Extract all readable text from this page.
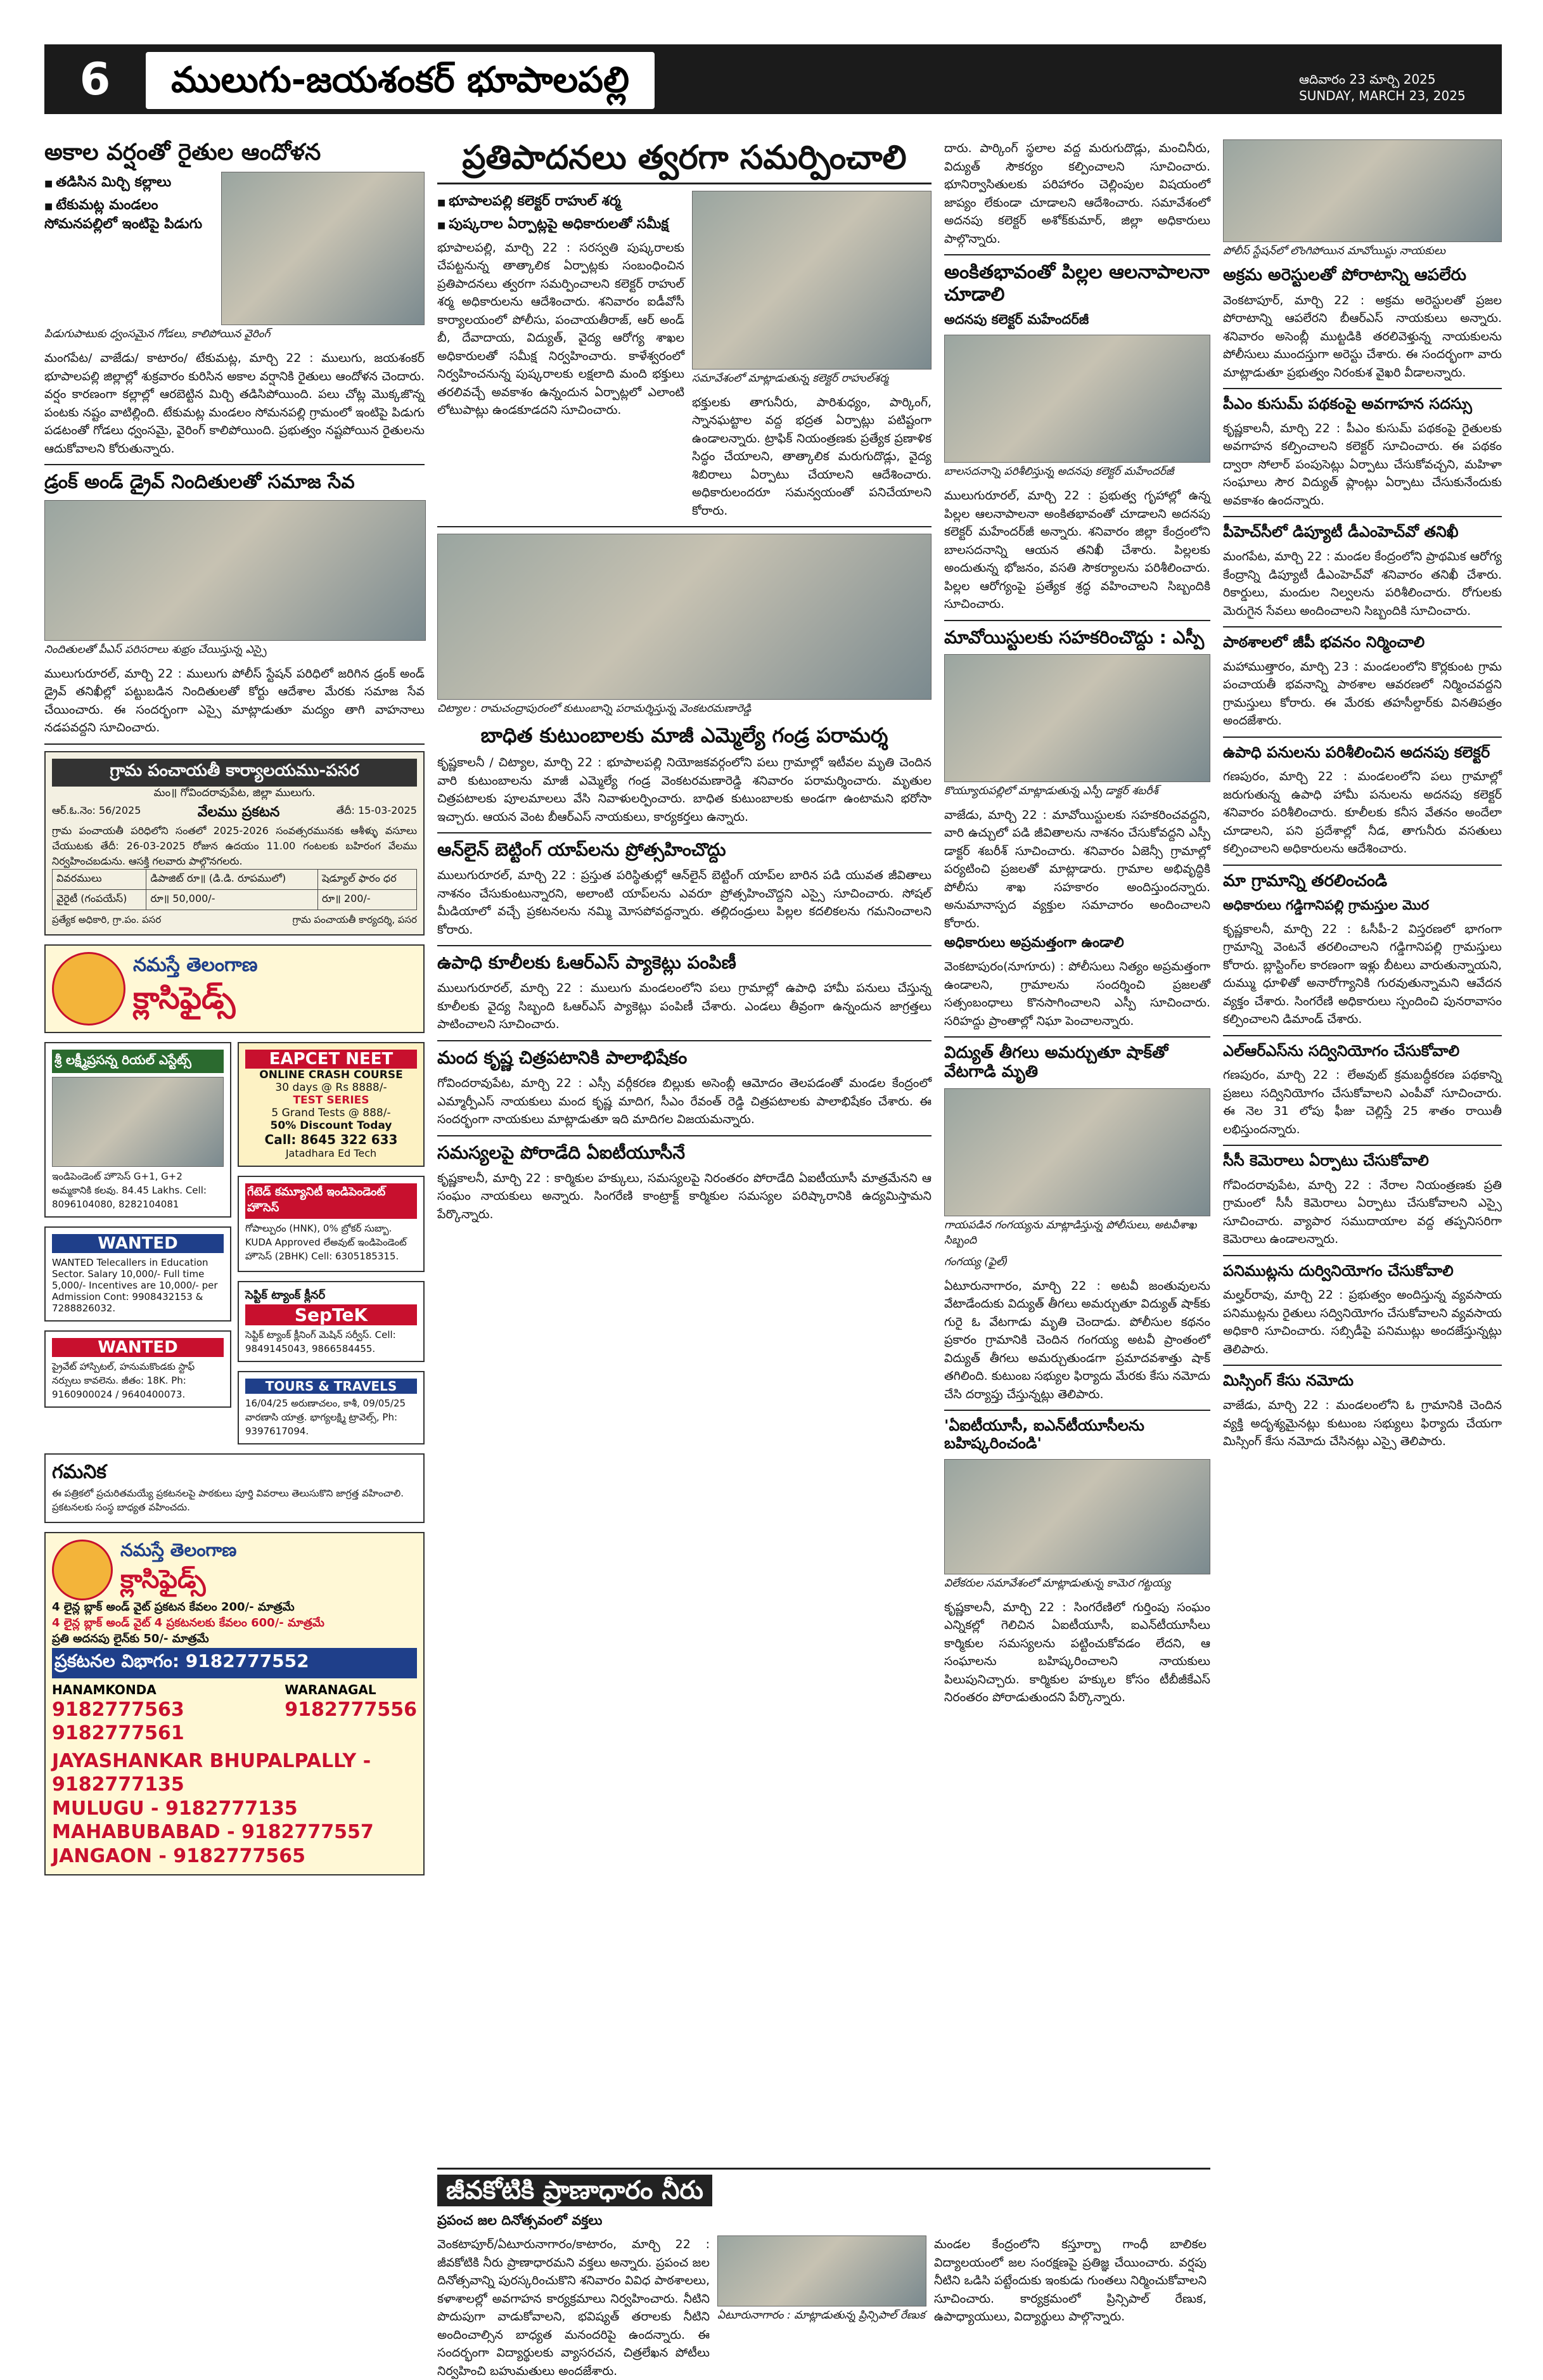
6	ములుగు-జయశంకర్ భూపాలపల్లి	ఆదివారం 23 మార్చి 2025
SUNDAY, MARCH 23, 2025
అకాల వర్షంతో రైతుల ఆందోళన
■ తడిసిన మిర్చి కల్లాలు
■ టేకుమట్ల మండలం సోమనపల్లిలో ఇంటిపై పిడుగు
పిడుగుపాటుకు ధ్వంసమైన గోడలు, కాలిపోయిన వైరింగ్
మంగపేట/ వాజేడు/ కాటారం/ టేకుమట్ల, మార్చి 22 : ములుగు, జయశంకర్ భూపాలపల్లి జిల్లాల్లో శుక్రవారం కురిసిన అకాల వర్షానికి రైతులు ఆందోళన చెందారు. వర్షం కారణంగా కల్లాల్లో ఆరబెట్టిన మిర్చి తడిసిపోయింది. పలు చోట్ల మొక్కజొన్న పంటకు నష్టం వాటిల్లింది. టేకుమట్ల మండలం సోమనపల్లి గ్రామంలో ఇంటిపై పిడుగు పడటంతో గోడలు ధ్వంసమై, వైరింగ్ కాలిపోయింది. ప్రభుత్వం నష్టపోయిన రైతులను ఆదుకోవాలని కోరుతున్నారు.
డ్రంక్ అండ్ డ్రైవ్ నిందితులతో సమాజ సేవ
నిందితులతో పీఎస్ పరిసరాలు శుభ్రం చేయిస్తున్న ఎస్సై
ములుగురూరల్, మార్చి 22 : ములుగు పోలీస్ స్టేషన్ పరిధిలో జరిగిన డ్రంక్ అండ్ డ్రైవ్ తనిఖీల్లో పట్టుబడిన నిందితులతో కోర్టు ఆదేశాల మేరకు సమాజ సేవ చేయించారు. ఈ సందర్భంగా ఎస్సై మాట్లాడుతూ మద్యం తాగి వాహనాలు నడపవద్దని సూచించారు.
గ్రామ పంచాయతీ కార్యాలయము-పసర
మం॥ గోవిందరావుపేట, జిల్లా ములుగు.
ఆర్.ఓ.నెం: 56/2025	వేలము ప్రకటన	తేదీ: 15-03-2025
గ్రామ పంచాయతీ పరిధిలోని సంతలో 2025-2026 సంవత్సరమునకు ఆశీళ్ళు వసూలు చేయుటకు తేదీ: 26-03-2025 రోజున ఉదయం 11.00 గంటలకు బహిరంగ వేలము నిర్వహించబడును. ఆసక్తి గలవారు పాల్గొనగలరు.
వివరములు	డిపాజిట్ రూ॥ (డి.డి. రూపములో)	షెడ్యూల్ ఫారం ధర
వైరైటీ (గంపయేస్)	రూ॥ 50,000/-	రూ॥ 200/-
ప్రత్యేక అధికారి, గ్రా.పం. పసర	గ్రామ పంచాయతీ కార్యదర్శి, పసర
నమస్తే తెలంగాణ
క్లాసిఫైడ్స్
శ్రీ లక్ష్మీప్రసన్న రియల్ ఎస్టేట్స్
ఇండిపెండెంట్ హౌసెస్ G+1, G+2 అమ్మకానికి కలవు. 84.45 Lakhs. Cell: 8096104080, 8282104081
WANTED
WANTED Telecallers in Education Sector. Salary 10,000/- Full time 5,000/- Incentives are 10,000/- per Admission Cont: 9908432153 & 7288826032.
WANTED
ప్రైవేట్ హాస్పిటల్, హనుమకొండకు స్టాఫ్ నర్సులు కావలెను. జీతం: 18K. Ph: 9160900024 / 9640400073.
EAPCET NEET
ONLINE CRASH COURSE
30 days @ Rs 8888/-
TEST SERIES
5 Grand Tests @ 888/-
50% Discount Today
Call: 8645 322 633
Jatadhara Ed Tech
గేటెడ్ కమ్యూనిటీ ఇండిపెండెంట్ హౌసెస్
గోపాల్పురం (HNK), 0% బ్రోకర్ సుబ్బా. KUDA Approved లేఅవుట్ ఇండిపెండెంట్ హౌసెస్ (2BHK) Cell: 6305185315.
సెప్టిక్ ట్యాంక్ క్లీనర్
SepTeK
సెప్టిక్ ట్యాంక్ క్లీనింగ్ మెషిన్ సర్వీస్. Cell: 9849145043, 9866584455.
TOURS & TRAVELS
16/04/25 అరుణాచలం, కాశీ, 09/05/25 వారణాసి యాత్ర. భాగ్యలక్ష్మి ట్రావెల్స్, Ph: 9397617094.
గమనిక
ఈ పత్రికలో ప్రచురితమయ్యే ప్రకటనలపై పాఠకులు పూర్తి వివరాలు తెలుసుకొని జాగ్రత్త వహించాలి. ప్రకటనలకు సంస్థ బాధ్యత వహించదు.
నమస్తే తెలంగాణ
క్లాసిఫైడ్స్
4 లైన్ల బ్లాక్ అండ్ వైట్ ప్రకటన కేవలం 200/- మాత్రమే
4 లైన్ల బ్లాక్ అండ్ వైట్ 4 ప్రకటనలకు కేవలం 600/- మాత్రమే
ప్రతి అదనపు లైన్‌కు 50/- మాత్రమే
ప్రకటనల విభాగం: 9182777552
HANAMKONDA
9182777563
9182777561
WARANAGAL
9182777556
JAYASHANKAR BHUPALPALLY - 9182777135
MULUGU - 9182777135
MAHABUBABAD - 9182777557
JANGAON - 9182777565
ప్రతిపాదనలు త్వరగా సమర్పించాలి
■ భూపాలపల్లి కలెక్టర్ రాహుల్ శర్మ
■ పుష్కరాల ఏర్పాట్లపై అధికారులతో సమీక్ష
భూపాలపల్లి, మార్చి 22 : సరస్వతి పుష్కరాలకు చేపట్టనున్న తాత్కాలిక ఏర్పాట్లకు సంబంధించిన ప్రతిపాదనలు త్వరగా సమర్పించాలని కలెక్టర్ రాహుల్ శర్మ అధికారులను ఆదేశించారు. శనివారం ఐడీవోసీ కార్యాలయంలో పోలీసు, పంచాయతీరాజ్, ఆర్ అండ్ బీ, దేవాదాయ, విద్యుత్, వైద్య ఆరోగ్య శాఖల అధికారులతో సమీక్ష నిర్వహించారు. కాళేశ్వరంలో నిర్వహించనున్న పుష్కరాలకు లక్షలాది మంది భక్తులు తరలివచ్చే అవకాశం ఉన్నందున ఏర్పాట్లలో ఎలాంటి లోటుపాట్లు ఉండకూడదని సూచించారు.
సమావేశంలో మాట్లాడుతున్న కలెక్టర్ రాహుల్‌శర్మ
భక్తులకు తాగునీరు, పారిశుధ్యం, పార్కింగ్, స్నానఘట్టాల వద్ద భద్రత ఏర్పాట్లు పటిష్టంగా ఉండాలన్నారు. ట్రాఫిక్ నియంత్రణకు ప్రత్యేక ప్రణాళిక సిద్ధం చేయాలని, తాత్కాలిక మరుగుదొడ్లు, వైద్య శిబిరాలు ఏర్పాటు చేయాలని ఆదేశించారు. అధికారులందరూ సమన్వయంతో పనిచేయాలని కోరారు.
చిట్యాల : రామచంద్రాపురంలో కుటుంబాన్ని పరామర్శిస్తున్న వెంకటరమణారెడ్డి
బాధిత కుటుంబాలకు మాజీ ఎమ్మెల్యే గండ్ర పరామర్శ
కృష్ణకాలనీ / చిట్యాల, మార్చి 22 : భూపాలపల్లి నియోజకవర్గంలోని పలు గ్రామాల్లో ఇటీవల మృతి చెందిన వారి కుటుంబాలను మాజీ ఎమ్మెల్యే గండ్ర వెంకటరమణారెడ్డి శనివారం పరామర్శించారు. మృతుల చిత్రపటాలకు పూలమాలలు వేసి నివాళులర్పించారు. బాధిత కుటుంబాలకు అండగా ఉంటామని భరోసా ఇచ్చారు. ఆయన వెంట బీఆర్ఎస్ నాయకులు, కార్యకర్తలు ఉన్నారు.
ఆన్‌లైన్ బెట్టింగ్ యాప్‌లను ప్రోత్సహించొద్దు
ములుగురూరల్, మార్చి 22 : ప్రస్తుత పరిస్థితుల్లో ఆన్‌లైన్ బెట్టింగ్ యాప్‌ల బారిన పడి యువత జీవితాలు నాశనం చేసుకుంటున్నారని, అలాంటి యాప్‌లను ఎవరూ ప్రోత్సహించొద్దని ఎస్సై సూచించారు. సోషల్ మీడియాలో వచ్చే ప్రకటనలను నమ్మి మోసపోవద్దన్నారు. తల్లిదండ్రులు పిల్లల కదలికలను గమనించాలని కోరారు.
ఉపాధి కూలీలకు ఓఆర్ఎస్ ప్యాకెట్లు పంపిణీ
ములుగురూరల్, మార్చి 22 : ములుగు మండలంలోని పలు గ్రామాల్లో ఉపాధి హామీ పనులు చేస్తున్న కూలీలకు వైద్య సిబ్బంది ఓఆర్ఎస్ ప్యాకెట్లు పంపిణీ చేశారు. ఎండలు తీవ్రంగా ఉన్నందున జాగ్రత్తలు పాటించాలని సూచించారు.
మంద కృష్ణ చిత్రపటానికి పాలాభిషేకం
గోవిందరావుపేట, మార్చి 22 : ఎస్సీ వర్గీకరణ బిల్లుకు అసెంబ్లీ ఆమోదం తెలపడంతో మండల కేంద్రంలో ఎమ్మార్పీఎస్ నాయకులు మంద కృష్ణ మాదిగ, సీఎం రేవంత్ రెడ్డి చిత్రపటాలకు పాలాభిషేకం చేశారు. ఈ సందర్భంగా నాయకులు మాట్లాడుతూ ఇది మాదిగల విజయమన్నారు.
సమస్యలపై పోరాడేది ఏఐటీయూసీనే
కృష్ణకాలనీ, మార్చి 22 : కార్మికుల హక్కులు, సమస్యలపై నిరంతరం పోరాడేది ఏఐటీయూసీ మాత్రమేనని ఆ సంఘం నాయకులు అన్నారు. సింగరేణి కాంట్రాక్ట్ కార్మికుల సమస్యల పరిష్కారానికి ఉద్యమిస్తామని పేర్కొన్నారు.
దారు. పార్కింగ్ స్థలాల వద్ద మరుగుదొడ్లు, మంచినీరు, విద్యుత్ సౌకర్యం కల్పించాలని సూచించారు. భూనిర్వాసితులకు పరిహారం చెల్లింపుల విషయంలో జాప్యం లేకుండా చూడాలని ఆదేశించారు. సమావేశంలో అదనపు కలెక్టర్ అశోక్‌కుమార్, జిల్లా అధికారులు పాల్గొన్నారు.
అంకితభావంతో పిల్లల ఆలనాపాలనా చూడాలి
అదనపు కలెక్టర్ మహేందర్‌జీ
బాలసదనాన్ని పరిశీలిస్తున్న అదనపు కలెక్టర్ మహేందర్‌జీ
ములుగురూరల్, మార్చి 22 : ప్రభుత్వ గృహాల్లో ఉన్న పిల్లల ఆలనాపాలనా అంకితభావంతో చూడాలని అదనపు కలెక్టర్ మహేందర్‌జీ అన్నారు. శనివారం జిల్లా కేంద్రంలోని బాలసదనాన్ని ఆయన తనిఖీ చేశారు. పిల్లలకు అందుతున్న భోజనం, వసతి సౌకర్యాలను పరిశీలించారు. పిల్లల ఆరోగ్యంపై ప్రత్యేక శ్రద్ధ వహించాలని సిబ్బందికి సూచించారు.
మావోయిస్టులకు సహకరించొద్దు : ఎస్పీ
కొయ్యూరుపల్లిలో మాట్లాడుతున్న ఎస్పీ డాక్టర్ శబరీశ్
వాజేడు, మార్చి 22 : మావోయిస్టులకు సహకరించవద్దని, వారి ఉచ్చులో పడి జీవితాలను నాశనం చేసుకోవద్దని ఎస్పీ డాక్టర్ శబరీశ్ సూచించారు. శనివారం ఏజెన్సీ గ్రామాల్లో పర్యటించి ప్రజలతో మాట్లాడారు. గ్రామాల అభివృద్ధికి పోలీసు శాఖ సహకారం అందిస్తుందన్నారు. అనుమానాస్పద వ్యక్తుల సమాచారం అందించాలని కోరారు.
అధికారులు అప్రమత్తంగా ఉండాలి
వెంకటాపురం(నూగూరు) : పోలీసులు నిత్యం అప్రమత్తంగా ఉండాలని, గ్రామాలను సందర్శించి ప్రజలతో సత్సంబంధాలు కొనసాగించాలని ఎస్పీ సూచించారు. సరిహద్దు ప్రాంతాల్లో నిఘా పెంచాలన్నారు.
విద్యుత్ తీగలు అమర్చుతూ షాక్‌తో వేటగాడి మృతి
గాయపడిన గంగయ్యను మాట్లాడిస్తున్న పోలీసులు, అటవీశాఖ సిబ్బంది
గంగయ్య (ఫైల్)
ఏటూరునాగారం, మార్చి 22 : అటవీ జంతువులను వేటాడేందుకు విద్యుత్ తీగలు అమర్చుతూ విద్యుత్ షాక్‌కు గురై ఓ వేటగాడు మృతి చెందాడు. పోలీసుల కథనం ప్రకారం గ్రామానికి చెందిన గంగయ్య అటవీ ప్రాంతంలో విద్యుత్ తీగలు అమర్చుతుండగా ప్రమాదవశాత్తు షాక్ తగిలింది. కుటుంబ సభ్యుల ఫిర్యాదు మేరకు కేసు నమోదు చేసి దర్యాప్తు చేస్తున్నట్లు తెలిపారు.
'ఏఐటీయూసీ, ఐఎన్‌టీయూసీలను బహిష్కరించండి'
విలేకరుల సమావేశంలో మాట్లాడుతున్న కామెర గట్టయ్య
కృష్ణకాలనీ, మార్చి 22 : సింగరేణిలో గుర్తింపు సంఘం ఎన్నికల్లో గెలిచిన ఏఐటీయూసీ, ఐఎన్‌టీయూసీలు కార్మికుల సమస్యలను పట్టించుకోవడం లేదని, ఆ సంఘాలను బహిష్కరించాలని నాయకులు పిలుపునిచ్చారు. కార్మికుల హక్కుల కోసం టీబీజీకేఎస్ నిరంతరం పోరాడుతుందని పేర్కొన్నారు.
జీవకోటికి ప్రాణాధారం నీరు
ప్రపంచ జల దినోత్సవంలో వక్తలు
వెంకటాపూర్/ఏటూరునాగారం/కాటారం, మార్చి 22 : జీవకోటికి నీరు ప్రాణాధారమని వక్తలు అన్నారు. ప్రపంచ జల దినోత్సవాన్ని పురస్కరించుకొని శనివారం వివిధ పాఠశాలలు, కళాశాలల్లో అవగాహన కార్యక్రమాలు నిర్వహించారు. నీటిని పొదుపుగా వాడుకోవాలని, భవిష్యత్ తరాలకు నీటిని అందించాల్సిన బాధ్యత మనందరిపై ఉందన్నారు. ఈ సందర్భంగా విద్యార్థులకు వ్యాసరచన, చిత్రలేఖన పోటీలు నిర్వహించి బహుమతులు అందజేశారు.
ఏటూరునాగారం : మాట్లాడుతున్న ప్రిన్సిపాల్ రేణుక
మండల కేంద్రంలోని కస్తూర్బా గాంధీ బాలికల విద్యాలయంలో జల సంరక్షణపై ప్రతిజ్ఞ చేయించారు. వర్షపు నీటిని ఒడిసి పట్టేందుకు ఇంకుడు గుంతలు నిర్మించుకోవాలని సూచించారు. కార్యక్రమంలో ప్రిన్సిపాల్ రేణుక, ఉపాధ్యాయులు, విద్యార్థులు పాల్గొన్నారు.
పోలీస్ స్టేషన్‌లో లొంగిపోయిన మావోయిస్టు నాయకులు
అక్రమ అరెస్టులతో పోరాటాన్ని ఆపలేరు
వెంకటాపూర్, మార్చి 22 : అక్రమ అరెస్టులతో ప్రజల పోరాటాన్ని ఆపలేరని బీఆర్ఎస్ నాయకులు అన్నారు. శనివారం అసెంబ్లీ ముట్టడికి తరలివెళ్తున్న నాయకులను పోలీసులు ముందస్తుగా అరెస్టు చేశారు. ఈ సందర్భంగా వారు మాట్లాడుతూ ప్రభుత్వం నిరంకుశ వైఖరి వీడాలన్నారు.
పీఎం కుసుమ్ పథకంపై అవగాహన సదస్సు
కృష్ణకాలనీ, మార్చి 22 : పీఎం కుసుమ్ పథకంపై రైతులకు అవగాహన కల్పించాలని కలెక్టర్ సూచించారు. ఈ పథకం ద్వారా సోలార్ పంపుసెట్లు ఏర్పాటు చేసుకోవచ్చని, మహిళా సంఘాలు సౌర విద్యుత్ ప్లాంట్లు ఏర్పాటు చేసుకునేందుకు అవకాశం ఉందన్నారు.
పీహెచ్‌సీలో డిప్యూటీ డీఎంహెచ్‌వో తనిఖీ
మంగపేట, మార్చి 22 : మండల కేంద్రంలోని ప్రాథమిక ఆరోగ్య కేంద్రాన్ని డిప్యూటీ డీఎంహెచ్‌వో శనివారం తనిఖీ చేశారు. రికార్డులు, మందుల నిల్వలను పరిశీలించారు. రోగులకు మెరుగైన సేవలు అందించాలని సిబ్బందికి సూచించారు.
పాఠశాలలో జీపీ భవనం నిర్మించాలి
మహాముత్తారం, మార్చి 23 : మండలంలోని కొర్లకుంట గ్రామ పంచాయతీ భవనాన్ని పాఠశాల ఆవరణలో నిర్మించవద్దని గ్రామస్తులు కోరారు. ఈ మేరకు తహసీల్దార్‌కు వినతిపత్రం అందజేశారు.
ఉపాధి పనులను పరిశీలించిన అదనపు కలెక్టర్
గణపురం, మార్చి 22 : మండలంలోని పలు గ్రామాల్లో జరుగుతున్న ఉపాధి హామీ పనులను అదనపు కలెక్టర్ శనివారం పరిశీలించారు. కూలీలకు కనీస వేతనం అందేలా చూడాలని, పని ప్రదేశాల్లో నీడ, తాగునీరు వసతులు కల్పించాలని అధికారులను ఆదేశించారు.
మా గ్రామాన్ని తరలించండి
అధికారులు గడ్డిగానిపల్లి గ్రామస్తుల మొర
కృష్ణకాలనీ, మార్చి 22 : ఓసీపీ-2 విస్తరణలో భాగంగా గ్రామాన్ని వెంటనే తరలించాలని గడ్డిగానిపల్లి గ్రామస్తులు కోరారు. బ్లాస్టింగ్‌ల కారణంగా ఇళ్లు బీటలు వారుతున్నాయని, దుమ్ము ధూళితో అనారోగ్యానికి గురవుతున్నామని ఆవేదన వ్యక్తం చేశారు. సింగరేణి అధికారులు స్పందించి పునరావాసం కల్పించాలని డిమాండ్ చేశారు.
ఎల్ఆర్ఎస్‌ను సద్వినియోగం చేసుకోవాలి
గణపురం, మార్చి 22 : లేఅవుట్ క్రమబద్ధీకరణ పథకాన్ని ప్రజలు సద్వినియోగం చేసుకోవాలని ఎంపీవో సూచించారు. ఈ నెల 31 లోపు ఫీజు చెల్లిస్తే 25 శాతం రాయితీ లభిస్తుందన్నారు.
సీసీ కెమెరాలు ఏర్పాటు చేసుకోవాలి
గోవిందరావుపేట, మార్చి 22 : నేరాల నియంత్రణకు ప్రతి గ్రామంలో సీసీ కెమెరాలు ఏర్పాటు చేసుకోవాలని ఎస్సై సూచించారు. వ్యాపార సముదాయాల వద్ద తప్పనిసరిగా కెమెరాలు ఉండాలన్నారు.
పనిముట్లను దుర్వినియోగం చేసుకోవాలి
మల్హర్‌రావు, మార్చి 22 : ప్రభుత్వం అందిస్తున్న వ్యవసాయ పనిముట్లను రైతులు సద్వినియోగం చేసుకోవాలని వ్యవసాయ అధికారి సూచించారు. సబ్సిడీపై పనిముట్లు అందజేస్తున్నట్లు తెలిపారు.
మిస్సింగ్ కేసు నమోదు
వాజేడు, మార్చి 22 : మండలంలోని ఓ గ్రామానికి చెందిన వ్యక్తి అదృశ్యమైనట్లు కుటుంబ సభ్యులు ఫిర్యాదు చేయగా మిస్సింగ్ కేసు నమోదు చేసినట్లు ఎస్సై తెలిపారు.
